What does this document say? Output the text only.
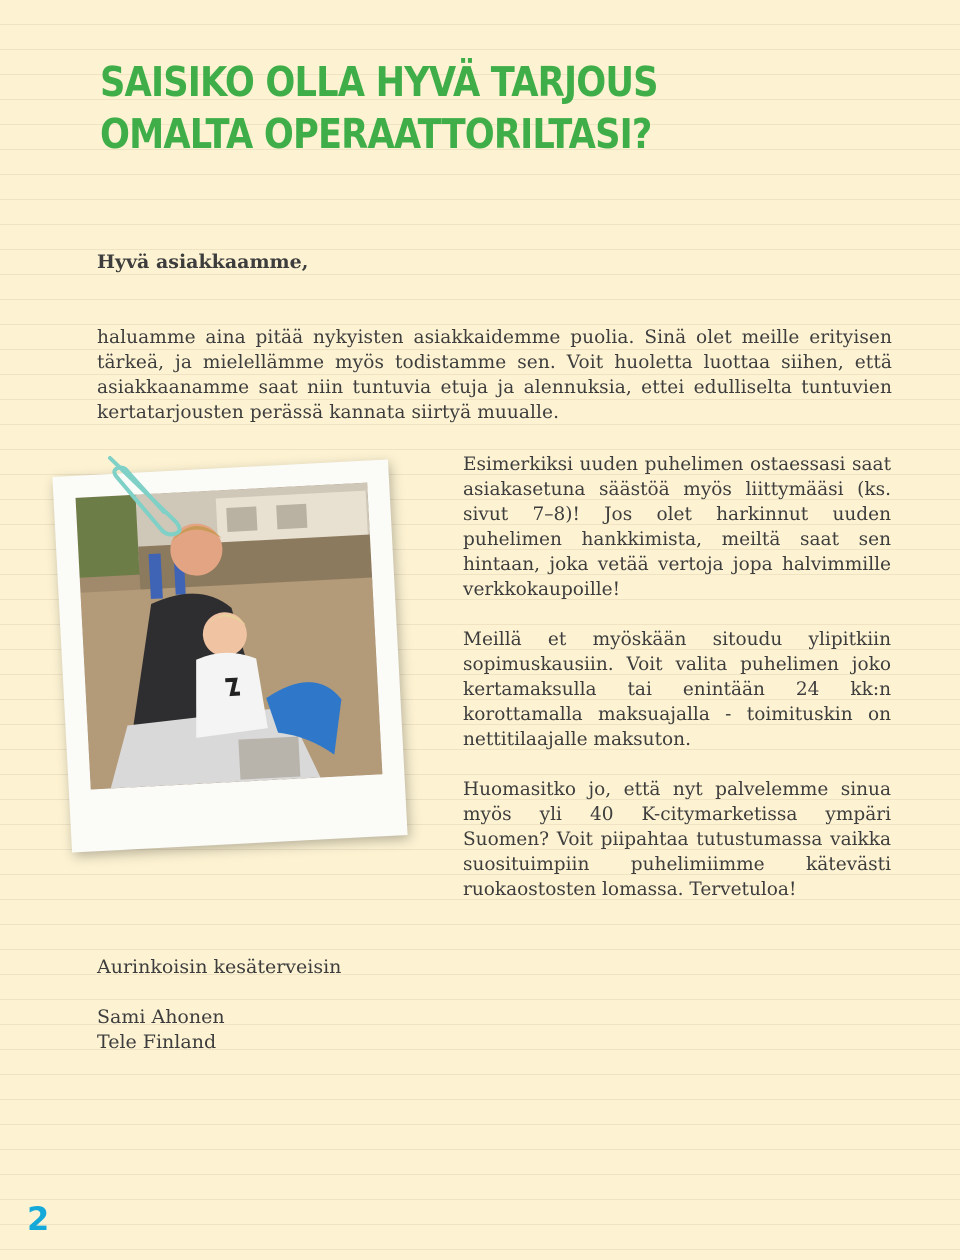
SAISIKO OLLA HYVÄ TARJOUS
OMALTA OPERAATTORILTASI?

Hyvä asiakkaamme,

haluamme aina pitää nykyisten asiakkaidemme puolia. Sinä olet meille erityisen tärkeä, ja mielellämme myös todistamme sen. Voit huoletta luottaa siihen, että asiakkaanamme saat niin tuntuvia etuja ja alennuksia, ettei edulliselta tuntuvien kertatarjousten perässä kannata siirtyä muualle.

Esimerkiksi uuden puhelimen ostaessasi saat asiakasetuna säästöä myös liittymääsi (ks. sivut 7–8)! Jos olet harkinnut uuden puhelimen hankkimista, meiltä saat sen hintaan, joka vetää vertoja jopa halvimmille verkkokaupoille!

Meillä et myöskään sitoudu ylipitkiin sopimuskausiin. Voit valita puhelimen joko kertamaksulla tai enintään 24 kk:n korottamalla maksuajalla - toimituskin on nettitilaajalle maksuton.

Huomasitko jo, että nyt palvelemme sinua myös yli 40 K-citymarketissa ympäri Suomen? Voit piipahtaa tutustumassa vaikka suosituimpiin puhelimiimme kätevästi ruokaostosten lomassa. Tervetuloa!

Aurinkoisin kesäterveisin

Sami Ahonen

Tele Finland

2
